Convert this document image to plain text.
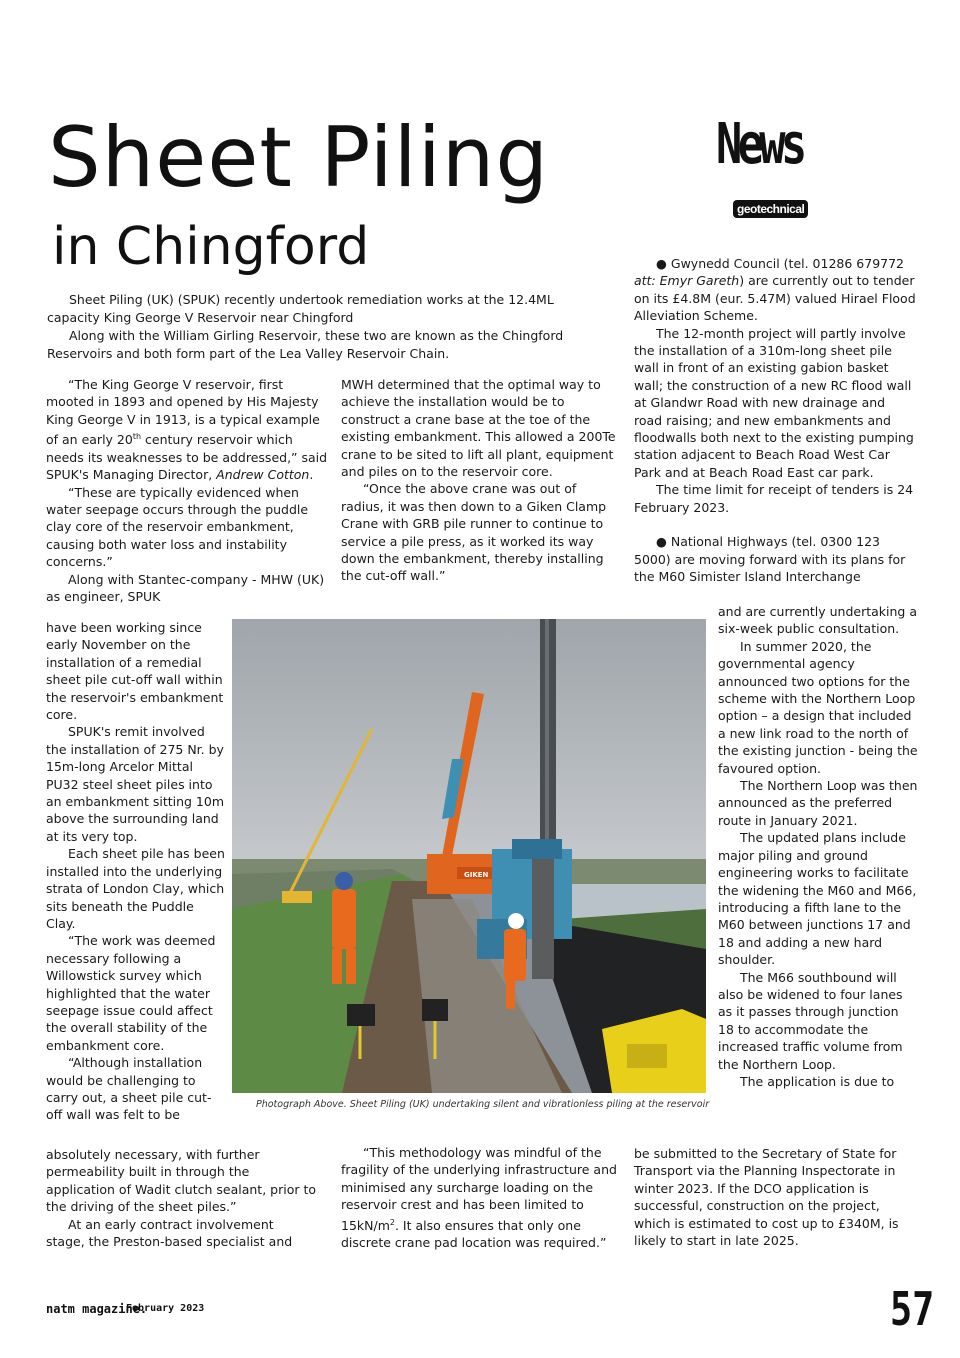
Sheet Piling
in Chingford
News
geotechnical

Sheet Piling (UK) (SPUK) recently undertook remediation works at the 12.4ML capacity King George V Reservoir near Chingford

Along with the William Girling Reservoir, these two are known as the Chingford Reservoirs and both form part of the Lea Valley Reservoir Chain.

“The King George V reservoir, first mooted in 1893 and opened by His Majesty King George V in 1913, is a typical example of an early 20th century reservoir which needs its weaknesses to be addressed,” said SPUK's Managing Director, Andrew Cotton.

“These are typically evidenced when water seepage occurs through the puddle clay core of the reservoir embankment, causing both water loss and instability concerns.”

Along with Stantec-company - MHW (UK) as engineer, SPUK

have been working since early November on the installation of a remedial sheet pile cut-off wall within the reservoir's embankment core.

SPUK's remit involved the installation of 275 Nr. by 15m-long Arcelor Mittal PU32 steel sheet piles into an embankment sitting 10m above the surrounding land at its very top.

Each sheet pile has been installed into the underlying strata of London Clay, which sits beneath the Puddle Clay.

“The work was deemed necessary following a Willowstick survey which highlighted that the water seepage issue could affect the overall stability of the embankment core.

“Although installation would be challenging to carry out, a sheet pile cut-off wall was felt to be

absolutely necessary, with further permeability built in through the application of Wadit clutch sealant, prior to the driving of the sheet piles.”

At an early contract involvement stage, the Preston-based specialist and

MWH determined that the optimal way to achieve the installation would be to construct a crane base at the toe of the existing embankment. This allowed a 200Te crane to be sited to lift all plant, equipment and piles on to the reservoir core.

“Once the above crane was out of radius, it was then down to a Giken Clamp Crane with GRB pile runner to continue to service a pile press, as it worked its way down the embankment, thereby installing the cut-off wall.”

“This methodology was mindful of the fragility of the underlying infrastructure and minimised any surcharge loading on the reservoir crest and has been limited to $15kN/m^2$. It also ensures that only one discrete crane pad location was required.”

● Gwynedd Council (tel. 01286 679772 att: Emyr Gareth) are currently out to tender on its £4.8M (eur. 5.47M) valued Hirael Flood Alleviation Scheme.

The 12-month project will partly involve the installation of a 310m-long sheet pile wall in front of an existing gabion basket wall; the construction of a new RC flood wall at Glandwr Road with new drainage and road raising; and new embankments and floodwalls both next to the existing pumping station adjacent to Beach Road West Car Park and at Beach Road East car park.

The time limit for receipt of tenders is 24 February 2023.

● National Highways (tel. 0300 123 5000) are moving forward with its plans for the M60 Simister Island Interchange

and are currently undertaking a six-week public consultation.

In summer 2020, the governmental agency announced two options for the scheme with the Northern Loop option – a design that included a new link road to the north of the existing junction - being the favoured option.

The Northern Loop was then announced as the preferred route in January 2021.

The updated plans include major piling and ground engineering works to facilitate the widening the M60 and M66, introducing a fifth lane to the M60 between junctions 17 and 18 and adding a new hard shoulder.

The M66 southbound will also be widened to four lanes as it passes through junction 18 to accommodate the increased traffic volume from the Northern Loop.

The application is due to

be submitted to the Secretary of State for Transport via the Planning Inspectorate in winter 2023. If the DCO application is successful, construction on the project, which is estimated to cost up to £340M, is likely to start in late 2025.
GIKEN
Photograph Above. Sheet Piling (UK) undertaking silent and vibrationless piling at the reservoir
natm magazine.
February 2023	57
